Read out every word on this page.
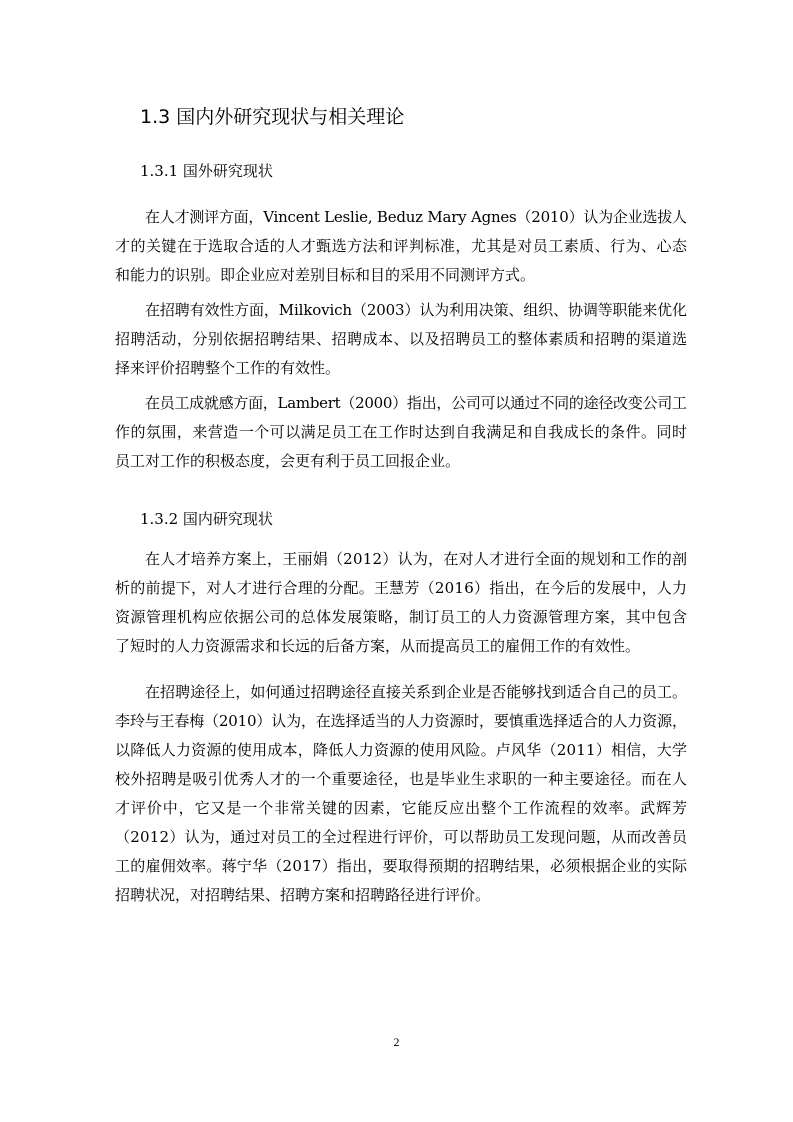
1.3 国内外研究现状与相关理论
1.3.1 国外研究现状
在人才测评方面，Vincent Leslie, Beduz Mary Agnes（2010）认为企业选拔人
才的关键在于选取合适的人才甄选方法和评判标准，尤其是对员工素质、行为、心态
和能力的识别。即企业应对差别目标和目的采用不同测评方式。
在招聘有效性方面，Milkovich（2003）认为利用决策、组织、协调等职能来优化
招聘活动，分别依据招聘结果、招聘成本、以及招聘员工的整体素质和招聘的渠道选
择来评价招聘整个工作的有效性。
在员工成就感方面，Lambert（2000）指出，公司可以通过不同的途径改变公司工
作的氛围，来营造一个可以满足员工在工作时达到自我满足和自我成长的条件。同时
员工对工作的积极态度，会更有利于员工回报企业。
1.3.2 国内研究现状
在人才培养方案上，王丽娟（2012）认为，在对人才进行全面的规划和工作的剖
析的前提下，对人才进行合理的分配。王慧芳（2016）指出，在今后的发展中，人力
资源管理机构应依据公司的总体发展策略，制订员工的人力资源管理方案，其中包含
了短时的人力资源需求和长远的后备方案，从而提高员工的雇佣工作的有效性。
在招聘途径上，如何通过招聘途径直接关系到企业是否能够找到适合自己的员工。
李玲与王春梅（2010）认为，在选择适当的人力资源时，要慎重选择适合的人力资源，
以降低人力资源的使用成本，降低人力资源的使用风险。卢风华（2011）相信，大学
校外招聘是吸引优秀人才的一个重要途径，也是毕业生求职的一种主要途径。而在人
才评价中，它又是一个非常关键的因素，它能反应出整个工作流程的效率。武辉芳
（2012）认为，通过对员工的全过程进行评价，可以帮助员工发现问题，从而改善员
工的雇佣效率。蒋宁华（2017）指出，要取得预期的招聘结果，必须根据企业的实际
招聘状况，对招聘结果、招聘方案和招聘路径进行评价。
2
